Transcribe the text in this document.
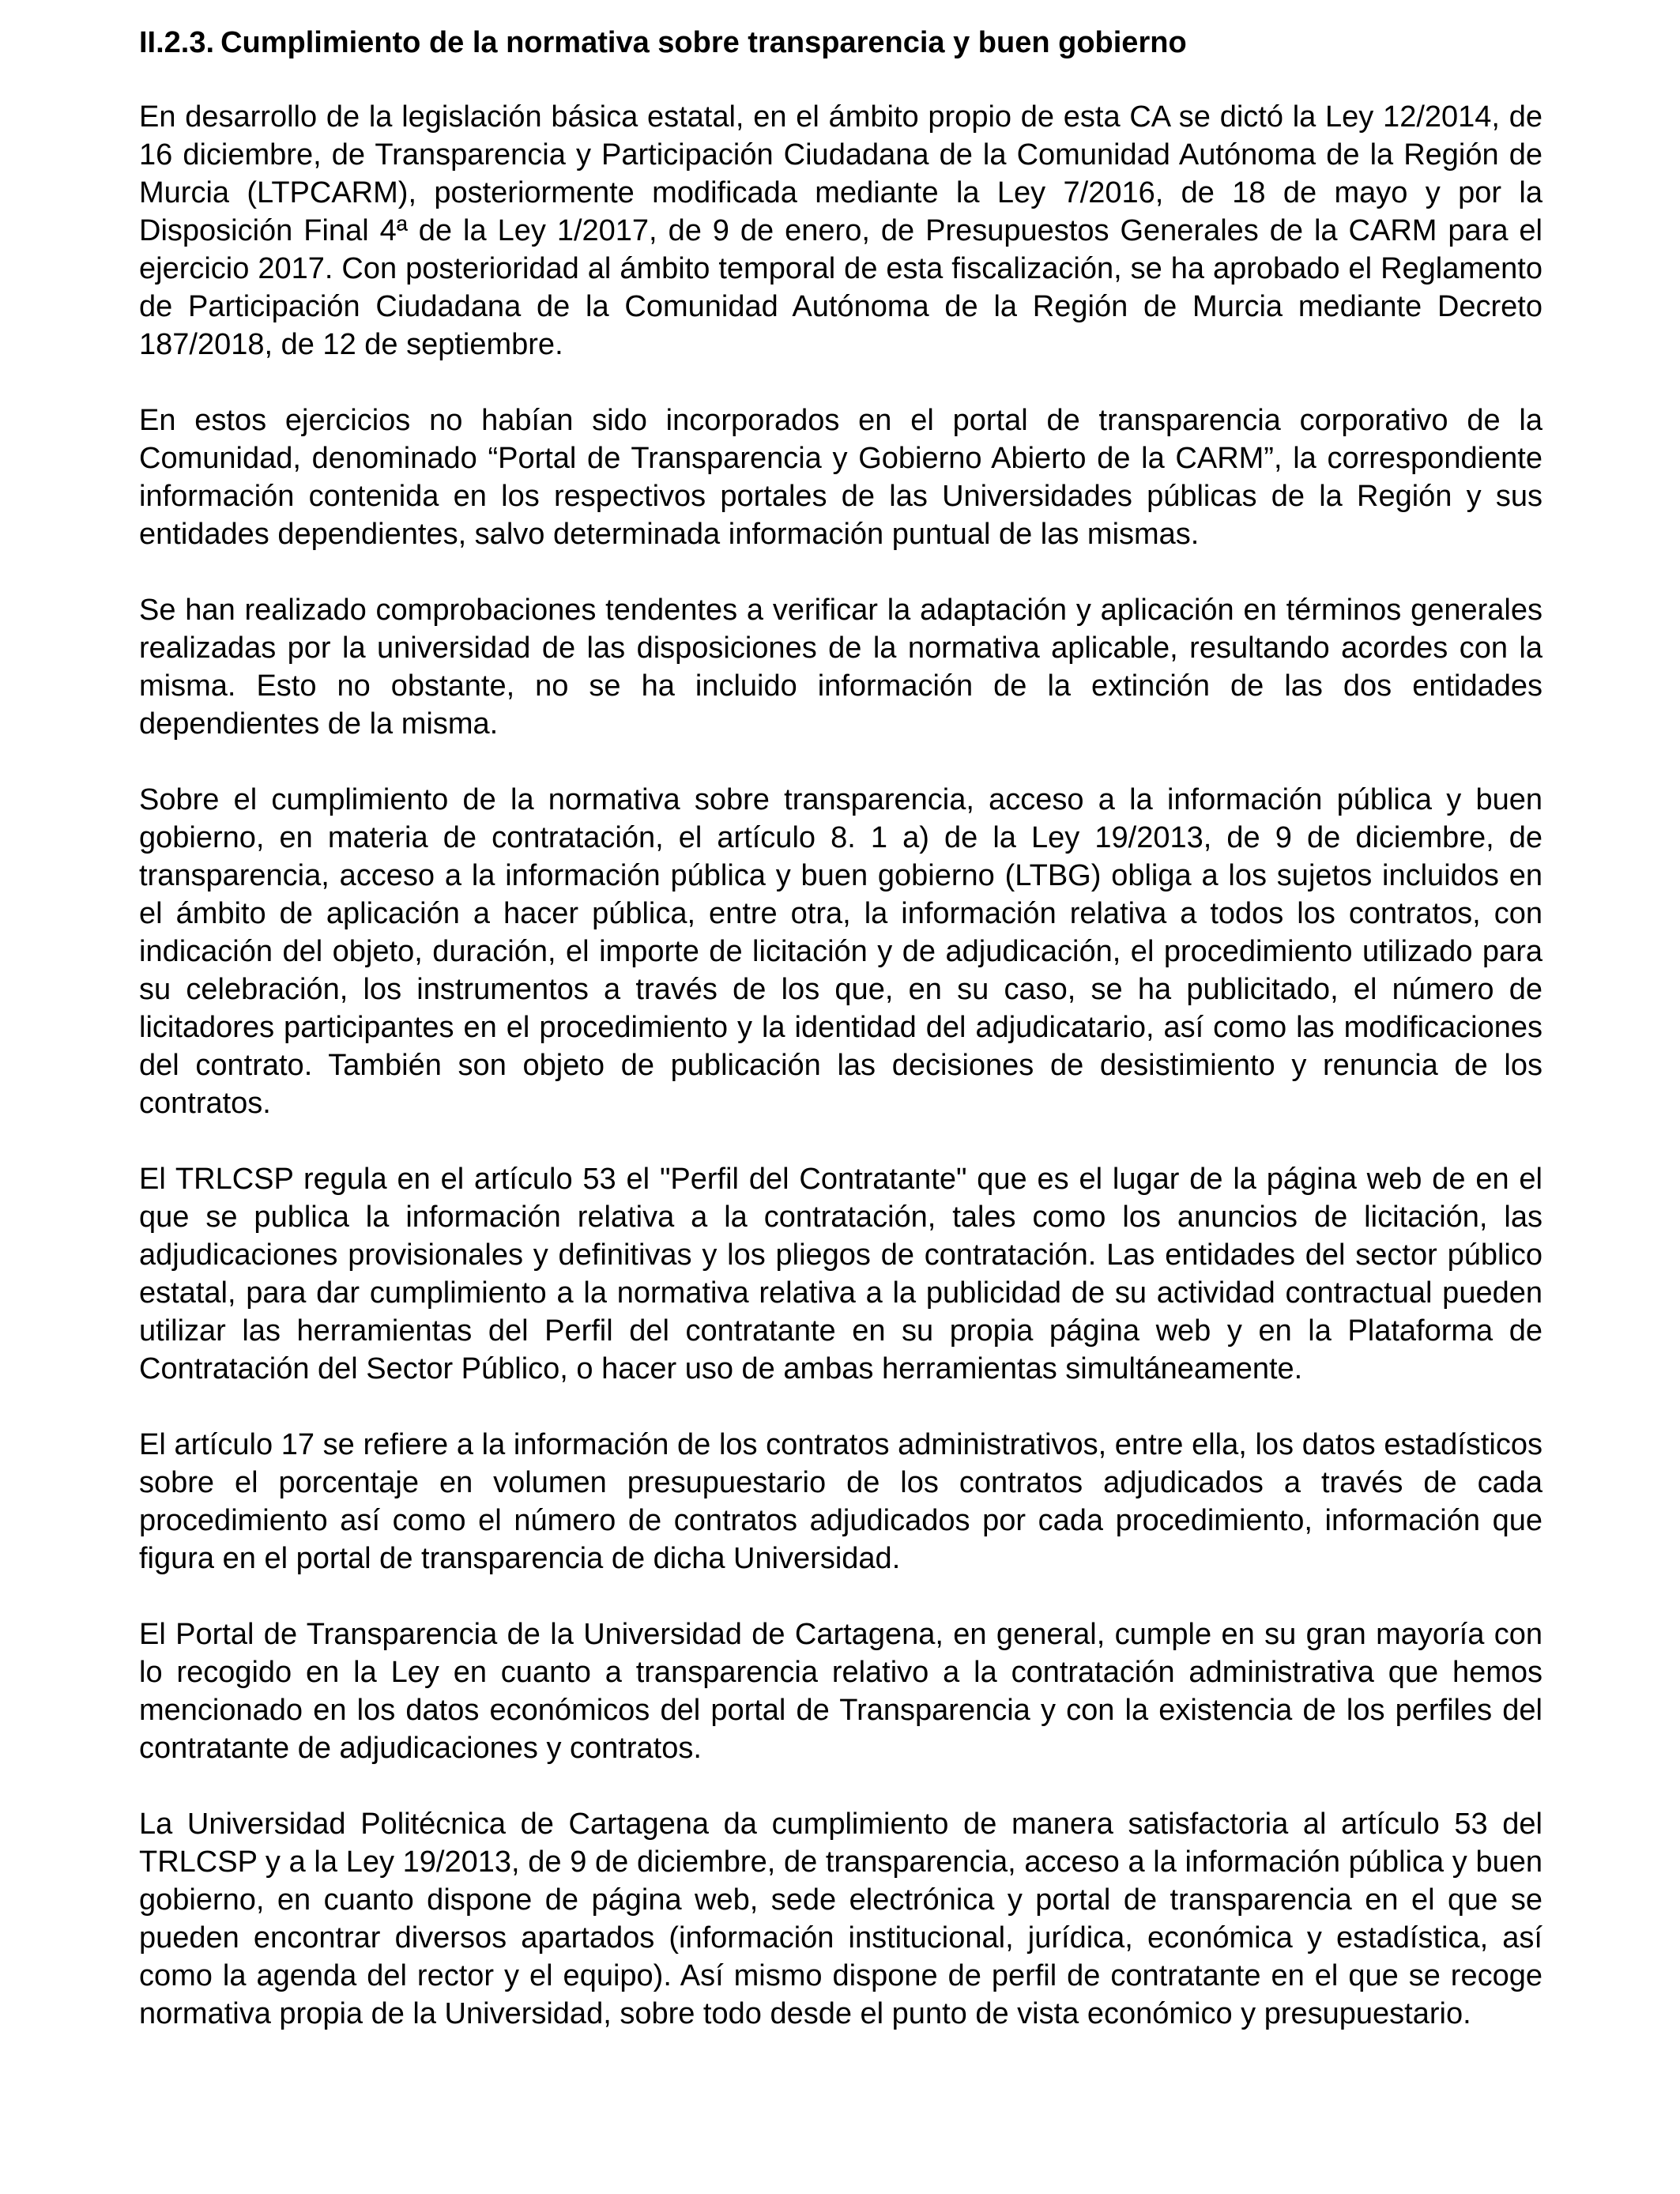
II.2.3. Cumplimiento de la normativa sobre transparencia y buen gobierno

En desarrollo de la legislación básica estatal, en el ámbito propio de esta CA se dictó la Ley 12/2014, de 16 diciembre, de Transparencia y Participación Ciudadana de la Comunidad Autónoma de la Región de Murcia (LTPCARM), posteriormente modificada mediante la Ley 7/2016, de 18 de mayo y por la Disposición Final 4ª de la Ley 1/2017, de 9 de enero, de Presupuestos Generales de la CARM para el ejercicio 2017. Con posterioridad al ámbito temporal de esta fiscalización, se ha aprobado el Reglamento de Participación Ciudadana de la Comunidad Autónoma de la Región de Murcia mediante Decreto 187/2018, de 12 de septiembre.

En estos ejercicios no habían sido incorporados en el portal de transparencia corporativo de la Comunidad, denominado “Portal de Transparencia y Gobierno Abierto de la CARM”, la correspondiente información contenida en los respectivos portales de las Universidades públicas de la Región y sus entidades dependientes, salvo determinada información puntual de las mismas.

Se han realizado comprobaciones tendentes a verificar la adaptación y aplicación en términos generales realizadas por la universidad de las disposiciones de la normativa aplicable, resultando acordes con la misma. Esto no obstante, no se ha incluido información de la extinción de las dos entidades dependientes de la misma.

Sobre el cumplimiento de la normativa sobre transparencia, acceso a la información pública y buen gobierno, en materia de contratación, el artículo 8. 1 a) de la Ley 19/2013, de 9 de diciembre, de transparencia, acceso a la información pública y buen gobierno (LTBG) obliga a los sujetos incluidos en el ámbito de aplicación a hacer pública, entre otra, la información relativa a todos los contratos, con indicación del objeto, duración, el importe de licitación y de adjudicación, el procedimiento utilizado para su celebración, los instrumentos a través de los que, en su caso, se ha publicitado, el número de licitadores participantes en el procedimiento y la identidad del adjudicatario, así como las modificaciones del contrato. También son objeto de publicación las decisiones de desistimiento y renuncia de los contratos.

El TRLCSP regula en el artículo 53 el "Perfil del Contratante" que es el lugar de la página web de en el que se publica la información relativa a la contratación, tales como los anuncios de licitación, las adjudicaciones provisionales y definitivas y los pliegos de contratación. Las entidades del sector público estatal, para dar cumplimiento a la normativa relativa a la publicidad de su actividad contractual pueden utilizar las herramientas del Perfil del contratante en su propia página web y en la Plataforma de Contratación del Sector Público, o hacer uso de ambas herramientas simultáneamente.

El artículo 17 se refiere a la información de los contratos administrativos, entre ella, los datos estadísticos sobre el porcentaje en volumen presupuestario de los contratos adjudicados a través de cada procedimiento así como el número de contratos adjudicados por cada procedimiento, información que figura en el portal de transparencia de dicha Universidad.

El Portal de Transparencia de la Universidad de Cartagena, en general, cumple en su gran mayoría con lo recogido en la Ley en cuanto a transparencia relativo a la contratación administrativa que hemos mencionado en los datos económicos del portal de Transparencia y con la existencia de los perfiles del contratante de adjudicaciones y contratos.

La Universidad Politécnica de Cartagena da cumplimiento de manera satisfactoria al artículo 53 del TRLCSP y a la Ley 19/2013, de 9 de diciembre, de transparencia, acceso a la información pública y buen gobierno, en cuanto dispone de página web, sede electrónica y portal de transparencia en el que se pueden encontrar diversos apartados (información institucional, jurídica, económica y estadística, así como la agenda del rector y el equipo). Así mismo dispone de perfil de contratante en el que se recoge normativa propia de la Universidad, sobre todo desde el punto de vista económico y presupuestario.
